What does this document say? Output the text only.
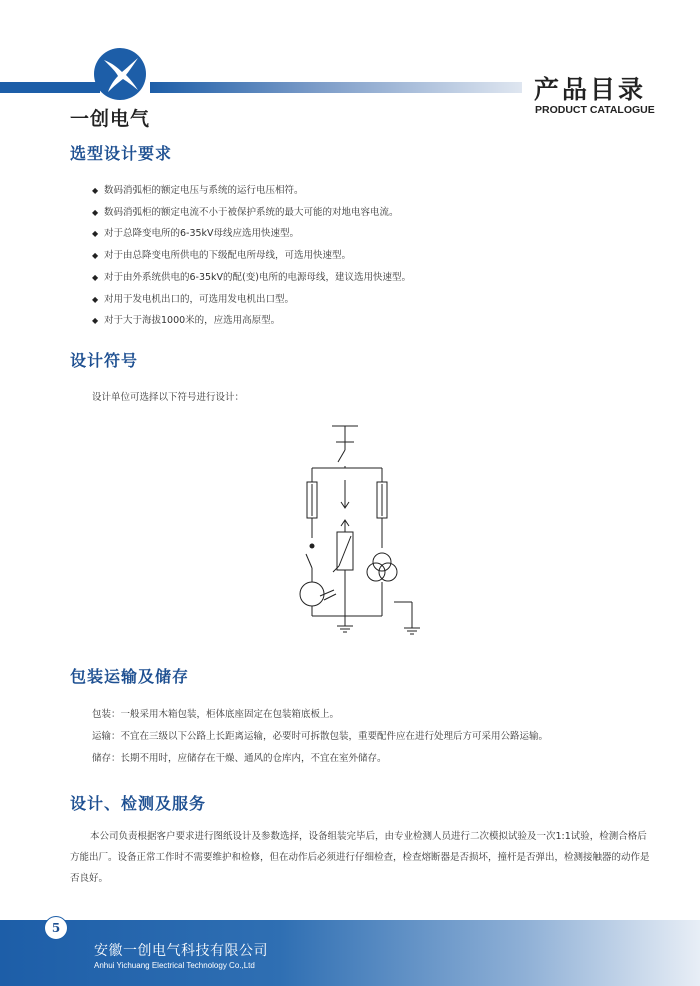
一创电气
产品目录
PRODUCT CATALOGUE
选型设计要求
◆ 数码消弧柜的额定电压与系统的运行电压相符。
◆ 数码消弧柜的额定电流不小于被保护系统的最大可能的对地电容电流。
◆ 对于总降变电所的6-35kV母线应选用快速型。
◆ 对于由总降变电所供电的下级配电所母线，可选用快速型。
◆ 对于由外系统供电的6-35kV的配(变)电所的电源母线，建议选用快速型。
◆ 对用于发电机出口的，可选用发电机出口型。
◆ 对于大于海拔1000米的，应选用高原型。
设计符号
设计单位可选择以下符号进行设计：
包装运输及储存
包装：一般采用木箱包装，柜体底座固定在包装箱底板上。
运输：不宜在三级以下公路上长距离运输，必要时可拆散包装，重要配件应在进行处理后方可采用公路运输。
储存：长期不用时，应储存在干燥、通风的仓库内，不宜在室外储存。
设计、检测及服务
本公司负责根据客户要求进行图纸设计及参数选择，设备组装完毕后，由专业检测人员进行二次模拟试验及一次1:1试验，检测合格后方能出厂。设备正常工作时不需要维护和检修，但在动作后必须进行仔细检查，检查熔断器是否损坏，撞杆是否弹出，检测接触器的动作是否良好。
5
安徽一创电气科技有限公司
Anhui Yichuang Electrical Technology Co.,Ltd
